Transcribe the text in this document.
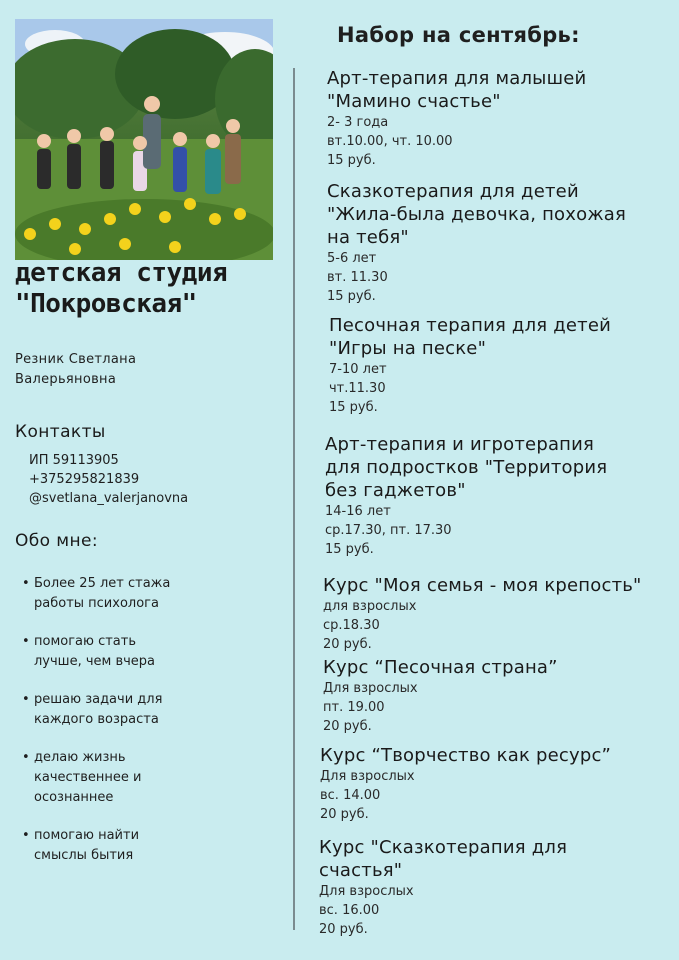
детская студия
"Покровская"
Резник Светлана
Валерьяновна
Контакты
ИП 59113905
+375295821839
@svetlana_valerjanovna
Обо мне:
• Более 25 лет стажа
работы психолога
• помогаю стать
лучше, чем вчера
• решаю задачи для
каждого возраста
• делаю жизнь
качественнее и
осознаннее
• помогаю найти
смыслы бытия
Набор на сентябрь:
Арт-терапия для малышей
"Мамино счастье"
2- 3 года
вт.10.00, чт. 10.00
15 руб.
Сказкотерапия для детей
"Жила-была девочка, похожая
на тебя"
5-6 лет
вт. 11.30
15 руб.
Песочная терапия для детей
"Игры на песке"
7-10 лет
чт.11.30
15 руб.
Арт-терапия и игротерапия
для подростков "Территория
без гаджетов"
14-16 лет
ср.17.30, пт. 17.30
15 руб.
Курс "Моя семья - моя крепость"
для взрослых
ср.18.30
20 руб.
Курс “Песочная страна”
Для взрослых
пт. 19.00
20 руб.
Курс “Творчество как ресурс”
Для взрослых
вс. 14.00
20 руб.
Курс "Сказкотерапия для
счастья"
Для взрослых
вс. 16.00
20 руб.
